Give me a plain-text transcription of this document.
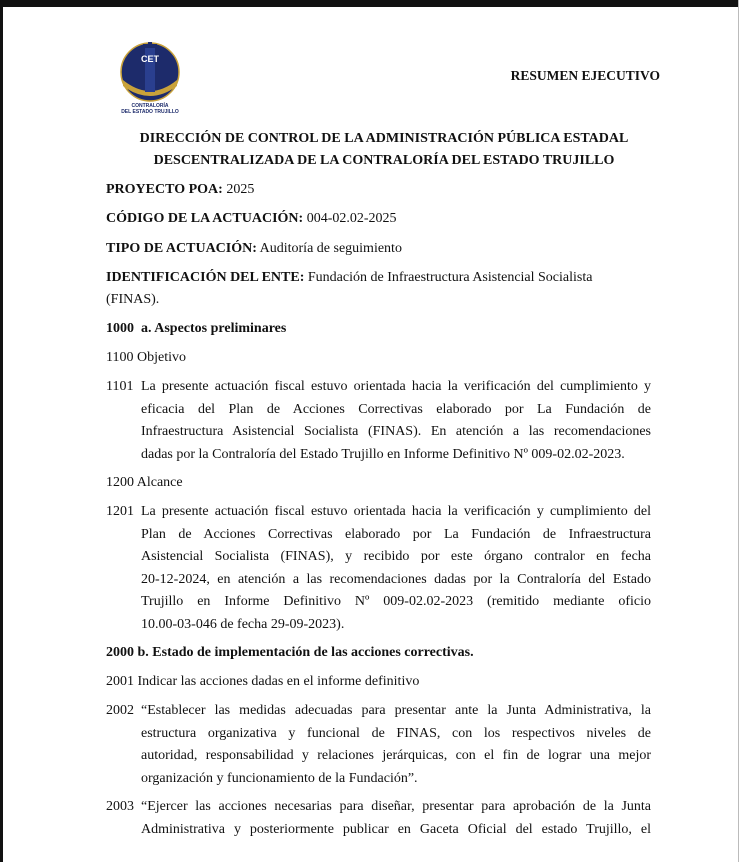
CET
CONTRALORÍA
DEL ESTADO TRUJILLO
RESUMEN EJECUTIVO
DIRECCIÓN DE CONTROL DE LA ADMINISTRACIÓN PÚBLICA ESTADAL
DESCENTRALIZADA DE LA CONTRALORÍA DEL ESTADO TRUJILLO
PROYECTO POA: 2025
CÓDIGO DE LA ACTUACIÓN: 004-02.02-2025
TIPO DE ACTUACIÓN: Auditoría de seguimiento
IDENTIFICACIÓN DEL ENTE: Fundación de Infraestructura Asistencial Socialista
(FINAS).
1000  a. Aspectos preliminares
1100 Objetivo
1101 La presente actuación fiscal estuvo orientada hacia la verificación del cumplimiento y
eficacia del Plan de Acciones Correctivas elaborado por La Fundación de
Infraestructura Asistencial Socialista (FINAS). En atención a las recomendaciones
dadas por la Contraloría del Estado Trujillo en Informe Definitivo Nº 009-02.02-2023.
1200 Alcance
1201 La presente actuación fiscal estuvo orientada hacia la verificación y cumplimiento del
Plan de Acciones Correctivas elaborado por La Fundación de Infraestructura
Asistencial Socialista (FINAS), y recibido por este órgano contralor en fecha
20-12-2024, en atención a las recomendaciones dadas por la Contraloría del Estado
Trujillo en Informe Definitivo Nº 009-02.02-2023 (remitido mediante oficio
10.00-03-046 de fecha 29-09-2023).
2000 b. Estado de implementación de las acciones correctivas.
2001 Indicar las acciones dadas en el informe definitivo
2002 “Establecer las medidas adecuadas para presentar ante la Junta Administrativa, la
estructura organizativa y funcional de FINAS, con los respectivos niveles de
autoridad, responsabilidad y relaciones jerárquicas, con el fin de lograr una mejor
organización y funcionamiento de la Fundación”.
2003 “Ejercer las acciones necesarias para diseñar, presentar para aprobación de la Junta
Administrativa y posteriormente publicar en Gaceta Oficial del estado Trujillo, el
